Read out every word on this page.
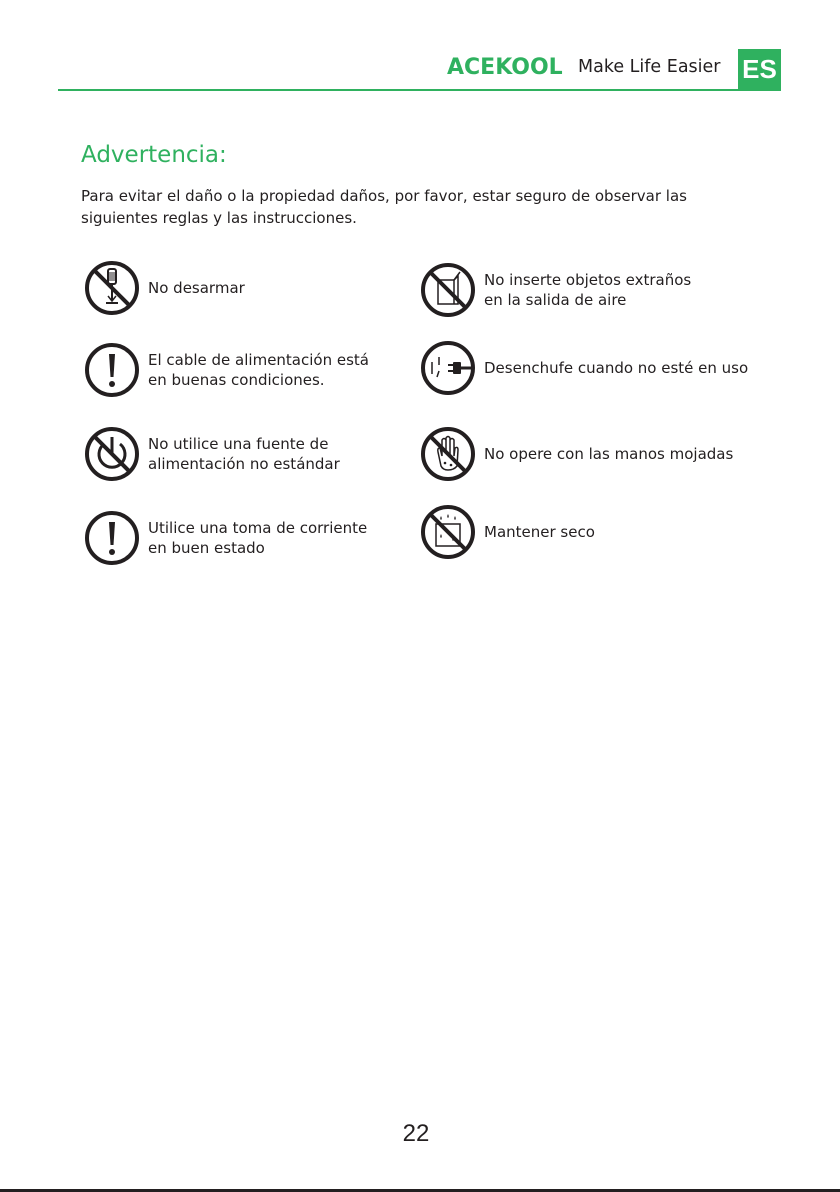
ACEKOOL Make Life Easier ES
Advertencia:
Para evitar el daño o la propiedad daños, por favor, estar seguro de observar las
siguientes reglas y las instrucciones.
No desarmar
El cable de alimentación está
en buenas condiciones.
No utilice una fuente de
alimentación no estándar
Utilice una toma de corriente
en buen estado
No inserte objetos extraños
en la salida de aire
Desenchufe cuando no esté en uso
No opere con las manos mojadas
Mantener seco
22
